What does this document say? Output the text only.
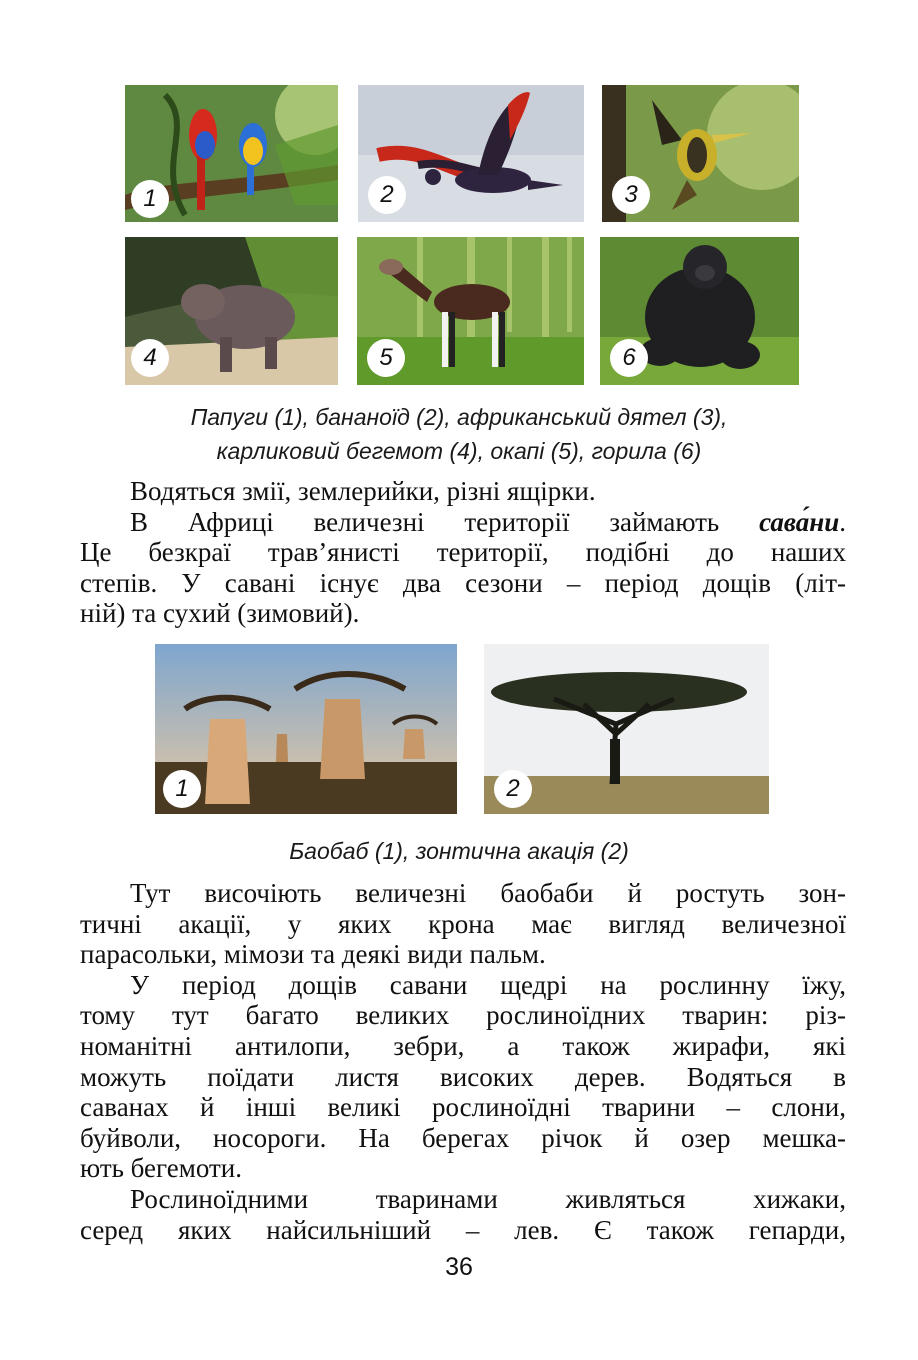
1	2	3
4	5	6
Папуги (1), бананоїд (2), африканський дятел (3),
карликовий бегемот (4), окапі (5), горила (6)

Водяться змії, землерийки, різні ящірки.

В Африці величезні території займають сава́ни.

Це безкраї трав’янисті території, подібні до наших

степів. У савані існує два сезони – період дощів (літ-

ній) та сухий (зимовий).

1	2
Баобаб (1), зонтична акація (2)

Тут височіють величезні баобаби й ростуть зон-

тичні акації, у яких крона має вигляд величезної

парасольки, мімози та деякі види пальм.

У період дощів савани щедрі на рослинну їжу,

тому тут багато великих рослиноїдних тварин: різ-

номанітні антилопи, зебри, а також жирафи, які

можуть поїдати листя високих дерев. Водяться в

саванах й інші великі рослиноїдні тварини – слони,

буйволи, носороги. На берегах річок й озер мешка-

ють бегемоти.

Рослиноїдними тваринами живляться хижаки,

серед яких найсильніший – лев. Є також гепарди,

36
